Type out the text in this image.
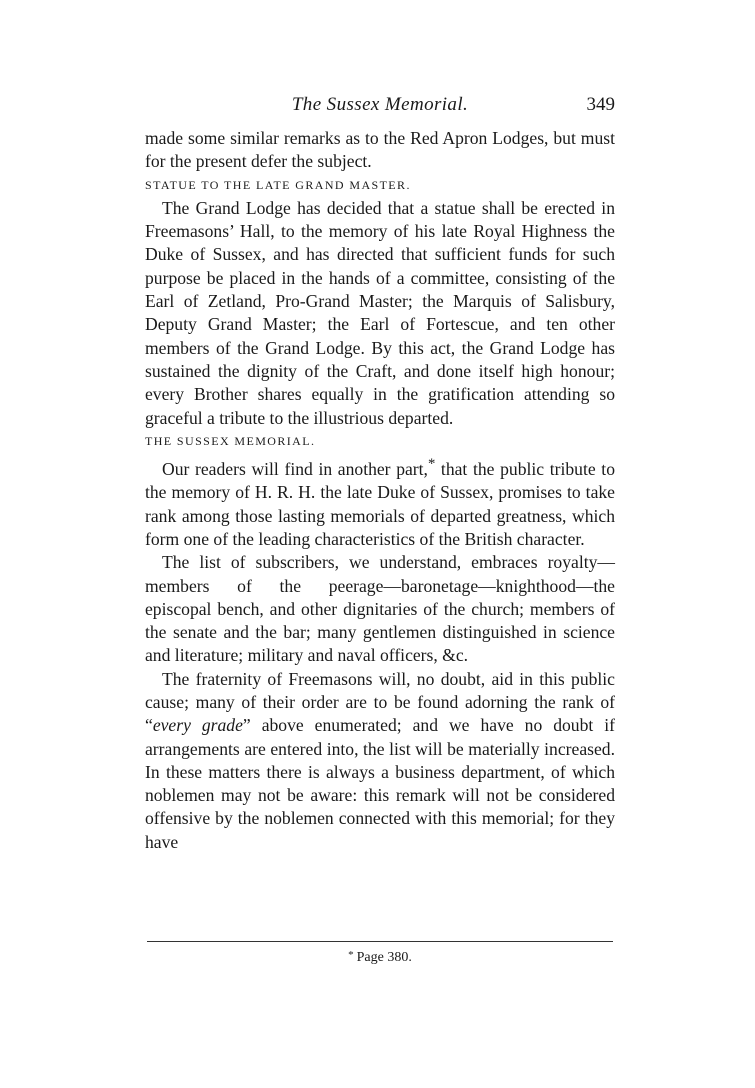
The Sussex Memorial.	349

made some similar remarks as to the Red Apron Lodges, but must for the present defer the subject.

STATUE TO THE LATE GRAND MASTER.

The Grand Lodge has decided that a statue shall be erected in Freemasons’ Hall, to the memory of his late Royal Highness the Duke of Sussex, and has directed that sufficient funds for such purpose be placed in the hands of a committee, consisting of the Earl of Zetland, Pro-Grand Master; the Marquis of Salisbury, Deputy Grand Master; the Earl of Fortescue, and ten other members of the Grand Lodge. By this act, the Grand Lodge has sustained the dignity of the Craft, and done itself high honour; every Brother shares equally in the gratification attending so graceful a tribute to the illustrious departed.

THE SUSSEX MEMORIAL.

Our readers will find in another part,* that the public tribute to the memory of H. R. H. the late Duke of Sussex, promises to take rank among those lasting memorials of departed greatness, which form one of the leading characteristics of the British character.

The list of subscribers, we understand, embraces royalty—members of the peerage—baronetage—knighthood—the episcopal bench, and other dignitaries of the church; members of the senate and the bar; many gentlemen distinguished in science and literature; military and naval officers, &c.

The fraternity of Freemasons will, no doubt, aid in this public cause; many of their order are to be found adorning the rank of “every grade” above enumerated; and we have no doubt if arrangements are entered into, the list will be materially increased. In these matters there is always a business department, of which noblemen may not be aware: this remark will not be considered offensive by the noblemen connected with this memorial; for they have

* Page 380.
